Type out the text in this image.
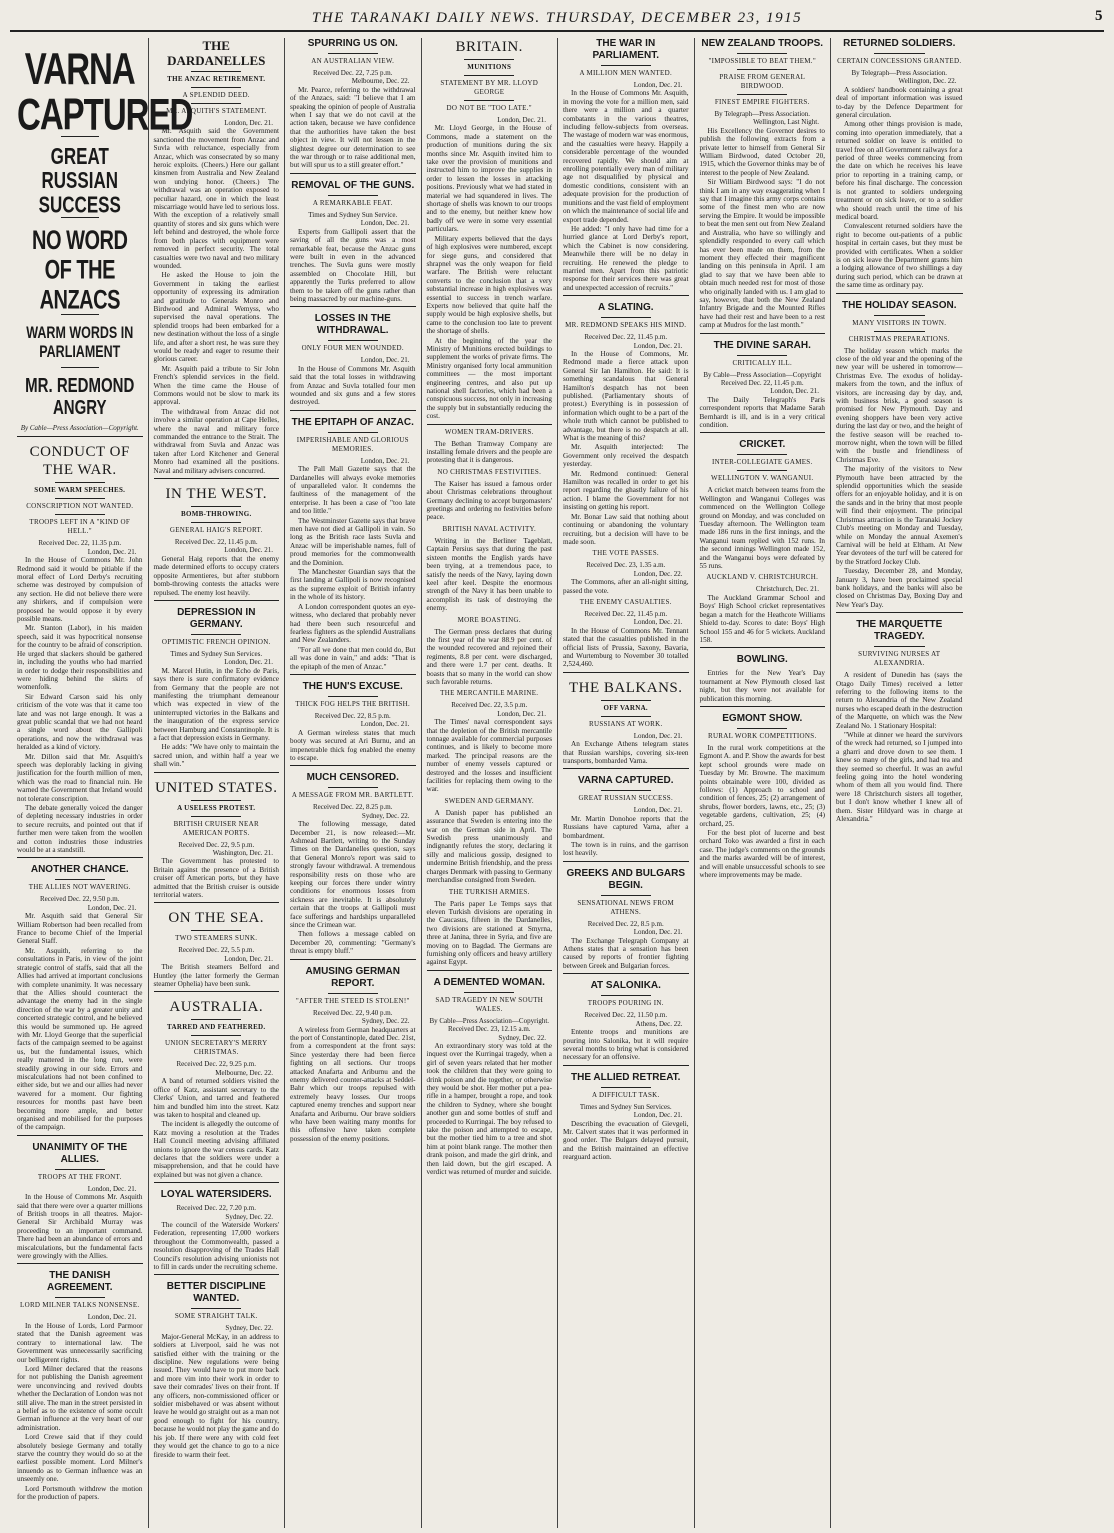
THE TARANAKI DAILY NEWS. THURSDAY, DECEMBER 23, 1915	5
VARNA CAPTURED
GREAT RUSSIAN SUCCESS
NO WORD OF THE ANZACS
WARM WORDS IN PARLIAMENT
MR. REDMOND ANGRY
By Cable—Press Association—Copyright.
CONDUCT OF THE WAR.
SOME WARM SPEECHES.
CONSCRIPTION NOT WANTED.
TROOPS LEFT IN A "KIND OF HELL."
Received Dec. 22, 11.35 p.m.
London, Dec. 21.

In the House of Commons Mr. John Redmond said it would be pitiable if the moral effect of Lord Derby's recruiting scheme was destroyed by compulsion of any section. He did not believe there were any shirkers, and if compulsion were proposed he would oppose it by every possible means.

Mr. Stanton (Labor), in his maiden speech, said it was hypocritical nonsense for the country to be afraid of conscription. He urged that slackers should be gathered in, including the youths who had married in order to dodge their responsibilities and were hiding behind the skirts of womenfolk.

Sir Edward Carson said his only criticism of the vote was that it came too late and was not large enough. It was a great public scandal that we had not heard a single word about the Gallipoli operations, and now the withdrawal was heralded as a kind of victory.

Mr. Dillon said that Mr. Asquith's speech was deplorably lacking in giving justification for the fourth million of men, which was the road to financial ruin. He warned the Government that Ireland would not tolerate conscription.

The debate generally voiced the danger of depleting necessary industries in order to secure recruits, and pointed out that if further men were taken from the woollen and cotton industries those industries would be at a standstill.

ANOTHER CHANCE.
THE ALLIES NOT WAVERING.
Received Dec. 22, 9.50 p.m.
London, Dec. 21.

Mr. Asquith said that General Sir William Robertson had been recalled from France to become Chief of the Imperial General Staff.

Mr. Asquith, referring to the consultations in Paris, in view of the joint strategic control of staffs, said that all the Allies had arrived at important conclusions with complete unanimity. It was necessary that the Allies should counteract the advantage the enemy had in the single direction of the war by a greater unity and concerted strategic control, and he believed this would be summoned up. He agreed with Mr. Lloyd George that the superficial facts of the campaign seemed to be against us, but the fundamental issues, which really mattered in the long run, were steadily growing in our side. Errors and miscalculations had not been confined to either side, but we and our allies had never wavered for a moment. Our fighting resources for months past have been becoming more ample, and better organised and mobilised for the purposes of the campaign.

UNANIMITY OF THE ALLIES.
TROOPS AT THE FRONT.
London, Dec. 21.

In the House of Commons Mr. Asquith said that there were over a quarter millions of British troops in all theatres. Major-General Sir Archibald Murray was proceeding to an important command. There had been an abundance of errors and miscalculations, but the fundamental facts were growingly with the Allies.

THE DANISH AGREEMENT.
LORD MILNER TALKS NONSENSE.
London, Dec. 21.

In the House of Lords, Lord Parmoor stated that the Danish agreement was contrary to international law. The Government was unnecessarily sacrificing our belligerent rights.

Lord Milner declared that the reasons for not publishing the Danish agreement were unconvincing and revived doubts whether the Declaration of London was not still alive. The man in the street persisted in a belief as to the existence of some occult German influence at the very heart of our administration.

Lord Crewe said that if they could absolutely besiege Germany and totally starve the country they would do so at the earliest possible moment. Lord Milner's innuendo as to German influence was an unseemly one.

Lord Portsmouth withdrew the motion for the production of papers.

THE DARDANELLES
THE ANZAC RETIREMENT.
A SPLENDID DEED.
MR. ASQUITH'S STATEMENT.
London, Dec. 21.

Mr. Asquith said the Government sanctioned the movement from Anzac and Suvla with reluctance, especially from Anzac, which was consecrated by so many heroic exploits. (Cheers.) Here our gallant kinsmen from Australia and New Zealand won undying honor. (Cheers.) The withdrawal was an operation exposed to peculiar hazard, one in which the least miscarriage would have led to serious loss. With the exception of a relatively small quantity of stores and six guns which were left behind and destroyed, the whole force from both places with equipment were removed in perfect security. The total casualties were two naval and two military wounded.

He asked the House to join the Government in taking the earliest opportunity of expressing its admiration and gratitude to Generals Monro and Birdwood and Admiral Wemyss, who supervised the naval operations. The splendid troops had been embarked for a new destination without the loss of a single life, and after a short rest, he was sure they would be ready and eager to resume their glorious career.

Mr. Asquith paid a tribute to Sir John French's splendid services in the field. When the time came the House of Commons would not be slow to mark its approval.

The withdrawal from Anzac did not involve a similar operation at Cape Helles, where the naval and military force commanded the entrance to the Strait. The withdrawal from Suvla and Anzac was taken after Lord Kitchener and General Monro had examined all the positions. Naval and military advisers concurred.

IN THE WEST.
BOMB-THROWING.
GENERAL HAIG'S REPORT.
Received Dec. 22, 11.45 p.m.
London, Dec. 21.

General Haig reports that the enemy made determined efforts to occupy craters opposite Armentieres, but after stubborn bomb-throwing contests the attacks were repulsed. The enemy lost heavily.

DEPRESSION IN GERMANY.
OPTIMISTIC FRENCH OPINION.
Times and Sydney Sun Services.
London, Dec. 21.

M. Marcel Hutin, in the Echo de Paris, says there is sure confirmatory evidence from Germany that the people are not manifesting the triumphant demeanour which was expected in view of the uninterrupted victories in the Balkans and the inauguration of the express service between Hamburg and Constantinople. It is a fact that depression exists in Germany.

He adds: "We have only to maintain the sacred union, and within half a year we shall win."

UNITED STATES.
A USELESS PROTEST.
BRITISH CRUISER NEAR AMERICAN PORTS.
Received Dec. 22, 9.5 p.m.
Washington, Dec. 21.

The Government has protested to Britain against the presence of a British cruiser off American ports, but they have admitted that the British cruiser is outside territorial waters.

ON THE SEA.
TWO STEAMERS SUNK.
Received Dec. 22, 5.5 p.m.
London, Dec. 21.

The British steamers Belford and Huntley (the latter formerly the German steamer Ophelia) have been sunk.

AUSTRALIA.
TARRED AND FEATHERED.
UNION SECRETARY'S MERRY CHRISTMAS.
Received Dec. 22, 9.25 p.m.
Melbourne, Dec. 22.

A band of returned soldiers visited the office of Katz, assistant secretary to the Clerks' Union, and tarred and feathered him and bundled him into the street. Katz was taken to hospital and cleaned up.

The incident is allegedly the outcome of Katz moving a resolution at the Trades Hall Council meeting advising affiliated unions to ignore the war census cards. Katz declares that the soldiers were under a misapprehension, and that he could have explained but was not given a chance.

LOYAL WATERSIDERS.
Received Dec. 22, 7.20 p.m.
Sydney, Dec. 22.

The council of the Waterside Workers' Federation, representing 17,000 workers throughout the Commonwealth, passed a resolution disapproving of the Trades Hall Council's resolution advising unionists not to fill in cards under the recruiting scheme.

BETTER DISCIPLINE WANTED.
SOME STRAIGHT TALK.
Sydney, Dec. 22.

Major-General McKay, in an address to soldiers at Liverpool, said he was not satisfied either with the training or the discipline. New regulations were being issued. They would have to put more back and more vim into their work in order to save their comrades' lives on their front. If any officers, non-commissioned officer or soldier misbehaved or was absent without leave he would go straight out as a man not good enough to fight for his country, because he would not play the game and do his job. If there were any with cold feet they would get the chance to go to a nice fireside to warm their feet.

SPURRING US ON.
AN AUSTRALIAN VIEW.
Received Dec. 22, 7.25 p.m.
Melbourne, Dec. 22.

Mr. Pearce, referring to the withdrawal of the Anzacs, said: "I believe that I am speaking the opinion of people of Australia when I say that we do not cavil at the action taken, because we have confidence that the authorities have taken the best object in view. It will not lessen in the slightest degree our determination to see the war through or to raise additional men, but will spur us to a still greater effort."

REMOVAL OF THE GUNS.
A REMARKABLE FEAT.
Times and Sydney Sun Service.
London, Dec. 21.

Experts from Gallipoli assert that the saving of all the guns was a most remarkable feat, because the Anzac guns were built in even in the advanced trenches. The Suvla guns were mostly assembled on Chocolate Hill, but apparently the Turks preferred to allow them to be taken off the guns rather than being massacred by our machine-guns.

LOSSES IN THE WITHDRAWAL.
ONLY FOUR MEN WOUNDED.
London, Dec. 21.

In the House of Commons Mr. Asquith said that the total losses in withdrawing from Anzac and Suvla totalled four men wounded and six guns and a few stores destroyed.

THE EPITAPH OF ANZAC.
IMPERISHABLE AND GLORIOUS MEMORIES.
London, Dec. 21.

The Pall Mall Gazette says that the Dardanelles will always evoke memories of unparalleled valor. It condemns the faultiness of the management of the enterprise. It has been a case of "too late and too little."

The Westminster Gazette says that brave men have not died at Gallipoli in vain. So long as the British race lasts Suvla and Anzac will be imperishable names, full of proud memories for the commonwealth and the Dominion.

The Manchester Guardian says that the first landing at Gallipoli is now recognised as the supreme exploit of British infantry in the whole of its history.

A London correspondent quotes an eye-witness, who declared that probably never had there been such resourceful and fearless fighters as the splendid Australians and New Zealanders.

"For all we done that men could do, But all was done in vain," and adds: "That is the epitaph of the men of Anzac."

THE HUN'S EXCUSE.
THICK FOG HELPS THE BRITISH.
Received Dec. 22, 8.5 p.m.
London, Dec. 21.

A German wireless states that much booty was secured at Ari Burnu, and an impenetrable thick fog enabled the enemy to escape.

MUCH CENSORED.
A MESSAGE FROM MR. BARTLETT.
Received Dec. 22, 8.25 p.m.
Sydney, Dec. 22.

The following message, dated December 21, is now released:—Mr. Ashmead Bartlett, writing to the Sunday Times on the Dardanelles question, says that General Monro's report was said to strongly favour withdrawal. A tremendous responsibility rests on those who are keeping our forces there under wintry conditions for enormous losses from sickness are inevitable. It is absolutely certain that the troops at Gallipoli must face sufferings and hardships unparalleled since the Crimean war.

Then follows a message cabled on December 20, commenting: "Germany's threat is empty bluff."

AMUSING GERMAN REPORT.
"AFTER THE STEED IS STOLEN!"
Received Dec. 22, 9.40 p.m.
Sydney, Dec. 22.

A wireless from German headquarters at the port of Constantinople, dated Dec. 21st, from a correspondent at the front says: Since yesterday there had been fierce fighting on all sections. Our troops attacked Anafarta and Ariburnu and the enemy delivered counter-attacks at Seddel-Bahr which our troops repulsed with extremely heavy losses. Our troops captured enemy trenches and support near Anafarta and Ariburnu. Our brave soldiers who have been waiting many months for this offensive have taken complete possession of the enemy positions.

BRITAIN.
MUNITIONS
STATEMENT BY MR. LLOYD GEORGE
DO NOT BE "TOO LATE."
London, Dec. 21.

Mr. Lloyd George, in the House of Commons, made a statement on the production of munitions during the six months since Mr. Asquith invited him to take over the provision of munitions and instructed him to improve the supplies in order to lessen the losses in attacking positions. Previously what we had stated in material we had squandered in lives. The shortage of shells was known to our troops and to the enemy, but neither knew how badly off we were in some very essential particulars.

Military experts believed that the days of high explosives were numbered, except for siege guns, and considered that shrapnel was the only weapon for field warfare. The British were reluctant converts to the conclusion that a very substantial increase in high explosives was essential to success in trench warfare. Experts now believed that quite half the supply would be high explosive shells, but came to the conclusion too late to prevent the shortage of shells.

At the beginning of the year the Ministry of Munitions erected buildings to supplement the works of private firms. The Ministry organised forty local ammunition committees — the most important engineering centres, and also put up national shell factories, which had been a conspicuous success, not only in increasing the supply but in substantially reducing the cost.

WOMEN TRAM-DRIVERS.

The Bethan Tramway Company are installing female drivers and the people are protesting that it is dangerous.

NO CHRISTMAS FESTIVITIES.

The Kaiser has issued a famous order about Christmas celebrations throughout Germany declining to accept burgomasters' greetings and ordering no festivities before peace.

BRITISH NAVAL ACTIVITY.

Writing in the Berliner Tageblatt, Captain Persius says that during the past sixteen months the English yards have been trying, at a tremendous pace, to satisfy the needs of the Navy, laying down keel after keel. Despite the enormous strength of the Navy it has been unable to accomplish its task of destroying the enemy.

MORE BOASTING.

The German press declares that during the first year of the war 88.9 per cent. of the wounded recovered and rejoined their regiments, 8.8 per cent. were discharged, and there were 1.7 per cent. deaths. It boasts that so many in the world can show such favorable returns.

THE MERCANTILE MARINE.
Received Dec. 22, 3.5 p.m.
London, Dec. 21.

The Times' naval correspondent says that the depletion of the British mercantile tonnage available for commercial purposes continues, and is likely to become more marked. The principal reasons are the number of enemy vessels captured or destroyed and the losses and insufficient facilities for replacing them owing to the war.

SWEDEN AND GERMANY.

A Danish paper has published an assurance that Sweden is entering into the war on the German side in April. The Swedish press unanimously and indignantly refutes the story, declaring it silly and malicious gossip, designed to undermine British friendship, and the press charges Denmark with passing to Germany merchandise consigned from Sweden.

THE TURKISH ARMIES.

The Paris paper Le Temps says that eleven Turkish divisions are operating in the Caucasus, fifteen in the Dardanelles, two divisions are stationed at Smyrna, three at Janina, three in Syria, and five are moving on to Bagdad. The Germans are furnishing only officers and heavy artillery against Egypt.

A DEMENTED WOMAN.
SAD TRAGEDY IN NEW SOUTH WALES.
By Cable—Press Association—Copyright.
Received Dec. 23, 12.15 a.m.
Sydney, Dec. 22.

An extraordinary story was told at the inquest over the Kurringai tragedy, when a girl of seven years related that her mother took the children that they were going to drink poison and die together, or otherwise they would be shot. Her mother put a pea-rifle in a hamper, brought a rope, and took the children to Sydney, where she bought another gun and some bottles of stuff and proceeded to Kurringai. The boy refused to take the poison and attempted to escape, but the mother tied him to a tree and shot him at point blank range. The mother then drank poison, and made the girl drink, and then laid down, but the girl escaped. A verdict was returned of murder and suicide.

THE WAR IN PARLIAMENT.
A MILLION MEN WANTED.
London, Dec. 21.

In the House of Commons Mr. Asquith, in moving the vote for a million men, said there were a million and a quarter combatants in the various theatres, including fellow-subjects from overseas. The wastage of modern war was enormous, and the casualties were heavy. Happily a considerable percentage of the wounded recovered rapidly. We should aim at enrolling potentially every man of military age not disqualified by physical and domestic conditions, consistent with an adequate provision for the production of munitions and the vast field of employment on which the maintenance of social life and export trade depended.

He added: "I only have had time for a hurried glance at Lord Derby's report, which the Cabinet is now considering. Meanwhile there will be no delay in recruiting. He renewed the pledge to married men. Apart from this patriotic response for their services there was great and unexpected accession of recruits."

A SLATING.
MR. REDMOND SPEAKS HIS MIND.
Received Dec. 22, 11.45 p.m.
London, Dec. 21.

In the House of Commons, Mr. Redmond made a fierce attack upon General Sir Ian Hamilton. He said: It is something scandalous that General Hamilton's despatch has not been published. (Parliamentary shouts of protest.) Everything is in possession of information which ought to be a part of the whole truth which cannot be published to advantage, but there is no despatch at all. What is the meaning of this?

Mr. Asquith interjected: The Government only received the despatch yesterday.

Mr. Redmond continued: General Hamilton was recalled in order to get his report regarding the ghastly failure of his action. I blame the Government for not insisting on getting his report.

Mr. Bonar Law said that nothing about continuing or abandoning the voluntary recruiting, but a decision will have to be made soon.

THE VOTE PASSES.
Received Dec. 23, 1.35 a.m.
London, Dec. 22.

The Commons, after an all-night sitting, passed the vote.

THE ENEMY CASUALTIES.
Received Dec. 22, 11.45 p.m.
London, Dec. 21.

In the House of Commons Mr. Tennant stated that the casualties published in the official lists of Prussia, Saxony, Bavaria, and Wurtemburg to November 30 totalled 2,524,460.

THE BALKANS.
OFF VARNA.
RUSSIANS AT WORK.
London, Dec. 21.

An Exchange Athens telegram states that Russian warships, covering six-teen transports, bombarded Varna.

VARNA CAPTURED.
GREAT RUSSIAN SUCCESS.
London, Dec. 21.

Mr. Martin Donohoe reports that the Russians have captured Varna, after a bombardment.

The town is in ruins, and the garrison lost heavily.

GREEKS AND BULGARS BEGIN.
SENSATIONAL NEWS FROM ATHENS.
Received Dec. 22, 8.5 p.m.
London, Dec. 21.

The Exchange Telegraph Company at Athens states that a sensation has been caused by reports of frontier fighting between Greek and Bulgarian forces.

AT SALONIKA.
TROOPS POURING IN.
Received Dec. 22, 11.50 p.m.
Athens, Dec. 22.

Entente troops and munitions are pouring into Salonika, but it will require several months to bring what is considered necessary for an offensive.

THE ALLIED RETREAT.
A DIFFICULT TASK.
Times and Sydney Sun Services.
London, Dec. 21.

Describing the evacuation of Gievgeli, Mr. Calvert states that it was performed in good order. The Bulgars delayed pursuit, and the British maintained an effective rearguard action.

NEW ZEALAND TROOPS.
"IMPOSSIBLE TO BEAT THEM."
PRAISE FROM GENERAL BIRDWOOD.
FINEST EMPIRE FIGHTERS.
By Telegraph—Press Association.
Wellington, Last Night.

His Excellency the Governor desires to publish the following extracts from a private letter to himself from General Sir William Birdwood, dated October 20, 1915, which the Governor thinks may be of interest to the people of New Zealand.

Sir William Birdwood says: "I do not think I am in any way exaggerating when I say that I imagine this army corps contains some of the finest men who are now serving the Empire. It would be impossible to beat the men sent out from New Zealand and Australia, who have so willingly and splendidly responded to every call which has ever been made on them, from the moment they effected their magnificent landing on this peninsula in April. I am glad to say that we have been able to obtain much needed rest for most of those who originally landed with us. I am glad to say, however, that both the New Zealand Infantry Brigade and the Mounted Rifles have had their rest and have been to a rest camp at Mudros for the last month."

THE DIVINE SARAH.
CRITICALLY ILL.
By Cable—Press Association—Copyright
Received Dec. 22, 11.45 p.m.
London, Dec. 21.

The Daily Telegraph's Paris correspondent reports that Madame Sarah Bernhardt is ill, and is in a very critical condition.

CRICKET.
INTER-COLLEGIATE GAMES.
WELLINGTON V. WANGANUI.

A cricket match between teams from the Wellington and Wanganui Colleges was commenced on the Wellington College ground on Monday, and was concluded on Tuesday afternoon. The Wellington team made 186 runs in the first innings, and the Wanganui team replied with 152 runs. In the second innings Wellington made 152, and the Wanganui boys were defeated by 55 runs.

AUCKLAND V. CHRISTCHURCH.
Christchurch, Dec. 21.

The Auckland Grammar School and Boys' High School cricket representatives began a match for the Heathcote Williams Shield to-day. Scores to date: Boys' High School 155 and 46 for 5 wickets. Auckland 158.

BOWLING.

Entries for the New Year's Day tournament at New Plymouth closed last night, but they were not available for publication this morning.

EGMONT SHOW.
RURAL WORK COMPETITIONS.

In the rural work competitions at the Egmont A. and P. Show the awards for best kept school grounds were made on Tuesday by Mr. Browne. The maximum points obtainable were 100, divided as follows: (1) Approach to school and condition of fences, 25; (2) arrangement of shrubs, flower borders, lawns, etc., 25; (3) vegetable gardens, cultivation, 25; (4) orchard, 25.

For the best plot of lucerne and best orchard Toko was awarded a first in each case. The judge's comments on the grounds and the marks awarded will be of interest, and will enable unsuccessful schools to see where improvements may be made.

RETURNED SOLDIERS.
CERTAIN CONCESSIONS GRANTED.
By Telegraph—Press Association.
Wellington, Dec. 22.

A soldiers' handbook containing a great deal of important information was issued to-day by the Defence Department for general circulation.

Among other things provision is made, coming into operation immediately, that a returned soldier on leave is entitled to travel free on all Government railways for a period of three weeks commencing from the date on which he receives his leave prior to reporting in a training camp, or before his final discharge. The concession is not granted to soldiers undergoing treatment or on sick leave, or to a soldier who should reach until the time of his medical board.

Convalescent returned soldiers have the right to become out-patients of a public hospital in certain cases, but they must be provided with certificates. When a soldier is on sick leave the Department grants him a lodging allowance of two shillings a day during such period, which can be drawn at the same time as ordinary pay.

THE HOLIDAY SEASON.
MANY VISITORS IN TOWN.
CHRISTMAS PREPARATIONS.

The holiday season which marks the close of the old year and the opening of the new year will be ushered in tomorrow—Christmas Eve. The exodus of holiday-makers from the town, and the influx of visitors, are increasing day by day, and, with business brisk, a good season is promised for New Plymouth. Day and evening shoppers have been very active during the last day or two, and the height of the festive season will be reached to-morrow night, when the town will be filled with the bustle and friendliness of Christmas Eve.

The majority of the visitors to New Plymouth have been attracted by the splendid opportunities which the seaside offers for an enjoyable holiday, and it is on the sands and in the briny that most people will find their enjoyment. The principal Christmas attraction is the Taranaki Jockey Club's meeting on Monday and Tuesday, while on Monday the annual Axemen's Carnival will be held at Eltham. At New Year devotees of the turf will be catered for by the Stratford Jockey Club.

Tuesday, December 28, and Monday, January 3, have been proclaimed special bank holidays, and the banks will also be closed on Christmas Day, Boxing Day and New Year's Day.

THE MARQUETTE TRAGEDY.
SURVIVING NURSES AT ALEXANDRIA.

A resident of Dunedin has (says the Otago Daily Times) received a letter referring to the following items to the return to Alexandria of the New Zealand nurses who escaped death in the destruction of the Marquette, on which was the New Zealand No. 1 Stationary Hospital:

"While at dinner we heard the survivors of the wreck had returned, so I jumped into a gharri and drove down to see them. I knew so many of the girls, and had tea and they seemed so cheerful. It was an awful feeling going into the hotel wondering whom of them all you would find. There were 18 Christchurch sisters all together, but I don't know whether I knew all of them. Sister Hildyard was in charge at Alexandria."
